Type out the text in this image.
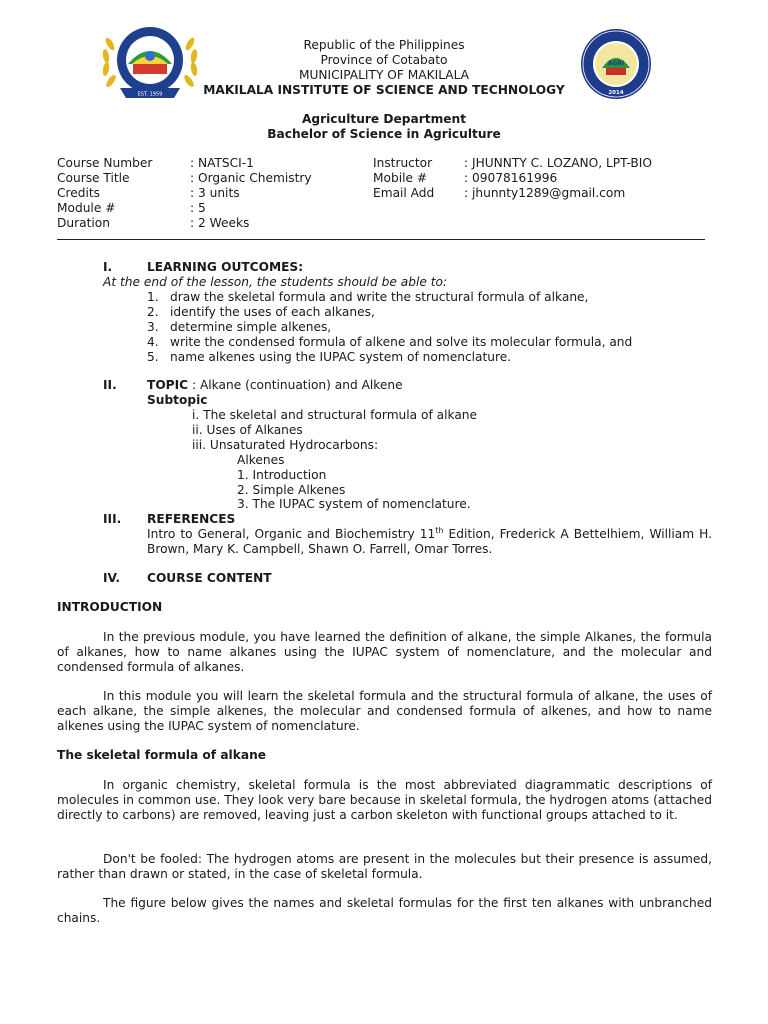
EST. 1959
AGRI
2014
Republic of the Philippines
Province of Cotabato
MUNICIPALITY OF MAKILALA
MAKILALA INSTITUTE OF SCIENCE AND TECHNOLOGY
Agriculture Department
Bachelor of Science in Agriculture
Course Number	: NATSCI-1
Course Title	: Organic Chemistry
Credits	: 3 units
Module #	: 5
Duration	: 2 Weeks
Instructor	: JHUNNTY C. LOZANO, LPT-BIO
Mobile #	: 09078161996
Email Add	: jhunnty1289@gmail.com
I.	LEARNING OUTCOMES:
At the end of the lesson, the students should be able to:
1. draw the skeletal formula and write the structural formula of alkane,
2. identify the uses of each alkanes,
3. determine simple alkenes,
4. write the condensed formula of alkene and solve its molecular formula, and
5. name alkenes using the IUPAC system of nomenclature.
II. TOPIC : Alkane (continuation) and Alkene
Subtopic
i. The skeletal and structural formula of alkane
ii. Uses of Alkanes
iii. Unsaturated Hydrocarbons:
Alkenes
1. Introduction
2. Simple Alkenes
3. The IUPAC system of nomenclature.
III. REFERENCES
Intro to General, Organic and Biochemistry 11th Edition, Frederick A Bettelhiem, William H. Brown, Mary K. Campbell, Shawn O. Farrell, Omar Torres.
IV. COURSE CONTENT
INTRODUCTION
In the previous module, you have learned the definition of alkane, the simple Alkanes, the formula of alkanes, how to name alkanes using the IUPAC system of nomenclature, and the molecular and condensed formula of alkanes.
In this module you will learn the skeletal formula and the structural formula of alkane, the uses of each alkane, the simple alkenes, the molecular and condensed formula of alkenes, and how to name alkenes using the IUPAC system of nomenclature.
The skeletal formula of alkane
In organic chemistry, skeletal formula is the most abbreviated diagrammatic descriptions of molecules in common use. They look very bare because in skeletal formula, the hydrogen atoms (attached directly to carbons) are removed, leaving just a carbon skeleton with functional groups attached to it.
Don't be fooled: The hydrogen atoms are present in the molecules but their presence is assumed, rather than drawn or stated, in the case of skeletal formula.
The figure below gives the names and skeletal formulas for the first ten alkanes with unbranched chains.
